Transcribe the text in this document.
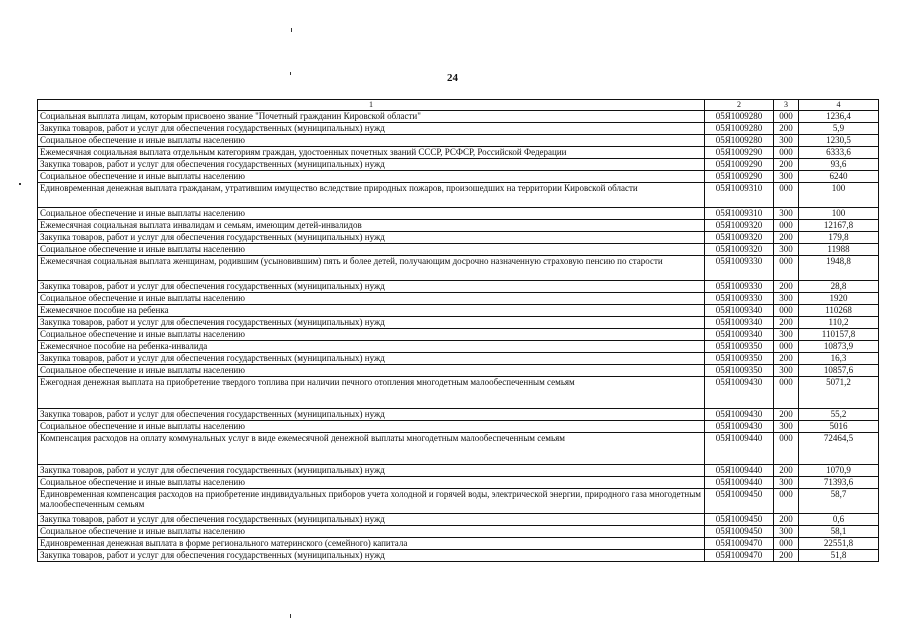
24
1	2	3	4
Социальная выплата лицам, которым присвоено звание "Почетный гражданин Кировской области"	05Я1009280	000	1236,4
Закупка товаров, работ и услуг для обеспечения государственных (муниципальных) нужд	05Я1009280	200	5,9
Социальное обеспечение и иные выплаты населению	05Я1009280	300	1230,5
Ежемесячная социальная выплата отдельным категориям граждан, удостоенных почетных званий СССР, РСФСР, Российской Федерации	05Я1009290	000	6333,6
Закупка товаров, работ и услуг для обеспечения государственных (муниципальных) нужд	05Я1009290	200	93,6
Социальное обеспечение и иные выплаты населению	05Я1009290	300	6240
Единовременная денежная выплата гражданам, утратившим имущество вследствие природных пожаров, произошедших на территории Кировской области	05Я1009310	000	100
Социальное обеспечение и иные выплаты населению	05Я1009310	300	100
Ежемесячная социальная выплата инвалидам и семьям, имеющим детей-инвалидов	05Я1009320	000	12167,8
Закупка товаров, работ и услуг для обеспечения государственных (муниципальных) нужд	05Я1009320	200	179,8
Социальное обеспечение и иные выплаты населению	05Я1009320	300	11988
Ежемесячная социальная выплата женщинам, родившим (усыновившим) пять и более детей, получающим досрочно назначенную страховую пенсию по старости	05Я1009330	000	1948,8
Закупка товаров, работ и услуг для обеспечения государственных (муниципальных) нужд	05Я1009330	200	28,8
Социальное обеспечение и иные выплаты населению	05Я1009330	300	1920
Ежемесячное пособие на ребенка	05Я1009340	000	110268
Закупка товаров, работ и услуг для обеспечения государственных (муниципальных) нужд	05Я1009340	200	110,2
Социальное обеспечение и иные выплаты населению	05Я1009340	300	110157,8
Ежемесячное пособие на ребенка-инвалида	05Я1009350	000	10873,9
Закупка товаров, работ и услуг для обеспечения государственных (муниципальных) нужд	05Я1009350	200	16,3
Социальное обеспечение и иные выплаты населению	05Я1009350	300	10857,6
Ежегодная денежная выплата на приобретение твердого топлива при наличии печного отопления многодетным малообеспеченным семьям	05Я1009430	000	5071,2
Закупка товаров, работ и услуг для обеспечения государственных (муниципальных) нужд	05Я1009430	200	55,2
Социальное обеспечение и иные выплаты населению	05Я1009430	300	5016
Компенсация расходов на оплату коммунальных услуг в виде ежемесячной денежной выплаты многодетным малообеспеченным семьям	05Я1009440	000	72464,5
Закупка товаров, работ и услуг для обеспечения государственных (муниципальных) нужд	05Я1009440	200	1070,9
Социальное обеспечение и иные выплаты населению	05Я1009440	300	71393,6
Единовременная компенсация расходов на приобретение индивидуальных приборов учета холодной и горячей воды, электрической энергии, природного газа многодетным малообеспеченным семьям	05Я1009450	000	58,7
Закупка товаров, работ и услуг для обеспечения государственных (муниципальных) нужд	05Я1009450	200	0,6
Социальное обеспечение и иные выплаты населению	05Я1009450	300	58,1
Единовременная денежная выплата в форме регионального материнского (семейного) капитала	05Я1009470	000	22551,8
Закупка товаров, работ и услуг для обеспечения государственных (муниципальных) нужд	05Я1009470	200	51,8
